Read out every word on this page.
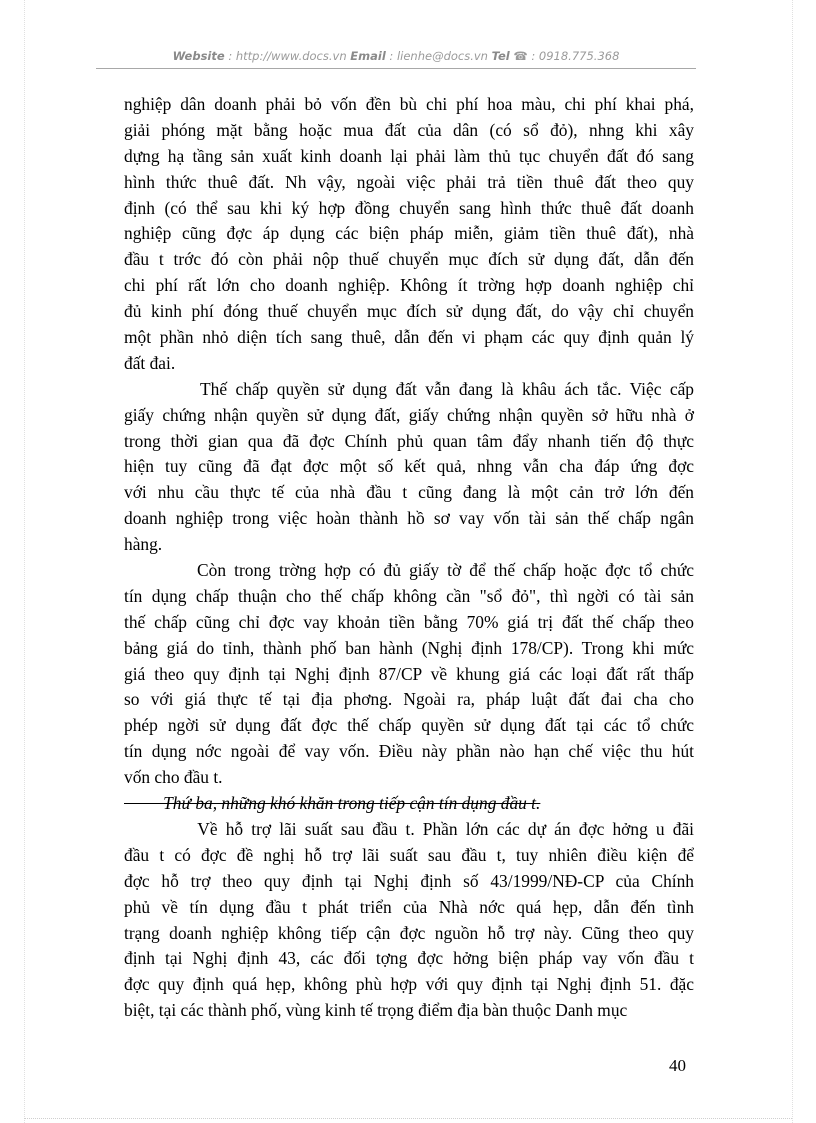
Website : http://www.docs.vn Email : lienhe@docs.vn Tel ☎ : 0918.775.368
nghiệp dân doanh phải bỏ vốn đền bù chi phí hoa màu, chi phí khai phá,
giải phóng mặt bằng hoặc mua đất của dân (có sổ đỏ), nhng khi xây
dựng hạ tầng sản xuất kinh doanh lại phải làm thủ tục chuyển đất đó sang
hình thức thuê đất. Nh vậy, ngoài việc phải trả tiền thuê đất theo quy
định (có thể sau khi ký hợp đồng chuyển sang hình thức thuê đất doanh
nghiệp cũng đợc áp dụng các biện pháp miễn, giảm tiền thuê đất), nhà
đầu t trớc đó còn phải nộp thuế chuyển mục đích sử dụng đất, dẫn đến
chi phí rất lớn cho doanh nghiệp. Không ít trờng hợp doanh nghiệp chỉ
đủ kinh phí đóng thuế chuyển mục đích sử dụng đất, do vậy chỉ chuyển
một phần nhỏ diện tích sang thuê, dẫn đến vi phạm các quy định quản lý
đất đai.
Thế chấp quyền sử dụng đất vẫn đang là khâu ách tắc. Việc cấp
giấy chứng nhận quyền sử dụng đất, giấy chứng nhận quyền sở hữu nhà ở
trong thời gian qua đã đợc Chính phủ quan tâm đẩy nhanh tiến độ thực
hiện tuy cũng đã đạt đợc một số kết quả, nhng vẫn cha đáp ứng đợc
với nhu cầu thực tế của nhà đầu t cũng đang là một cản trở lớn đến
doanh nghiệp trong việc hoàn thành hồ sơ vay vốn tài sản thế chấp ngân
hàng.
Còn trong trờng hợp có đủ giấy tờ để thế chấp hoặc đợc tổ chức
tín dụng chấp thuận cho thế chấp không cần "sổ đỏ", thì ngời có tài sản
thế chấp cũng chỉ đợc vay khoản tiền bằng 70% giá trị đất thế chấp theo
bảng giá do tỉnh, thành phố ban hành (Nghị định 178/CP). Trong khi mức
giá theo quy định tại Nghị định 87/CP về khung giá các loại đất rất thấp
so với giá thực tế tại địa phơng. Ngoài ra, pháp luật đất đai cha cho
phép ngời sử dụng đất đợc thế chấp quyền sử dụng đất tại các tổ chức
tín dụng nớc ngoài để vay vốn. Điều này phần nào hạn chế việc thu hút
vốn cho đầu t.
Thứ ba, những khó khăn trong tiếp cận tín dụng đầu t.
Về hỗ trợ lãi suất sau đầu t. Phần lớn các dự án đợc hởng u đãi
đầu t có đợc đề nghị hỗ trợ lãi suất sau đầu t, tuy nhiên điều kiện để
đợc hỗ trợ theo quy định tại Nghị định số 43/1999/NĐ-CP của Chính
phủ về tín dụng đầu t phát triển của Nhà nớc quá hẹp, dẫn đến tình
trạng doanh nghiệp không tiếp cận đợc nguồn hỗ trợ này. Cũng theo quy
định tại Nghị định 43, các đối tợng đợc hởng biện pháp vay vốn đầu t
đợc quy định quá hẹp, không phù hợp với quy định tại Nghị định 51. đặc
biệt, tại các thành phố, vùng kinh tế trọng điểm địa bàn thuộc Danh mục
40
